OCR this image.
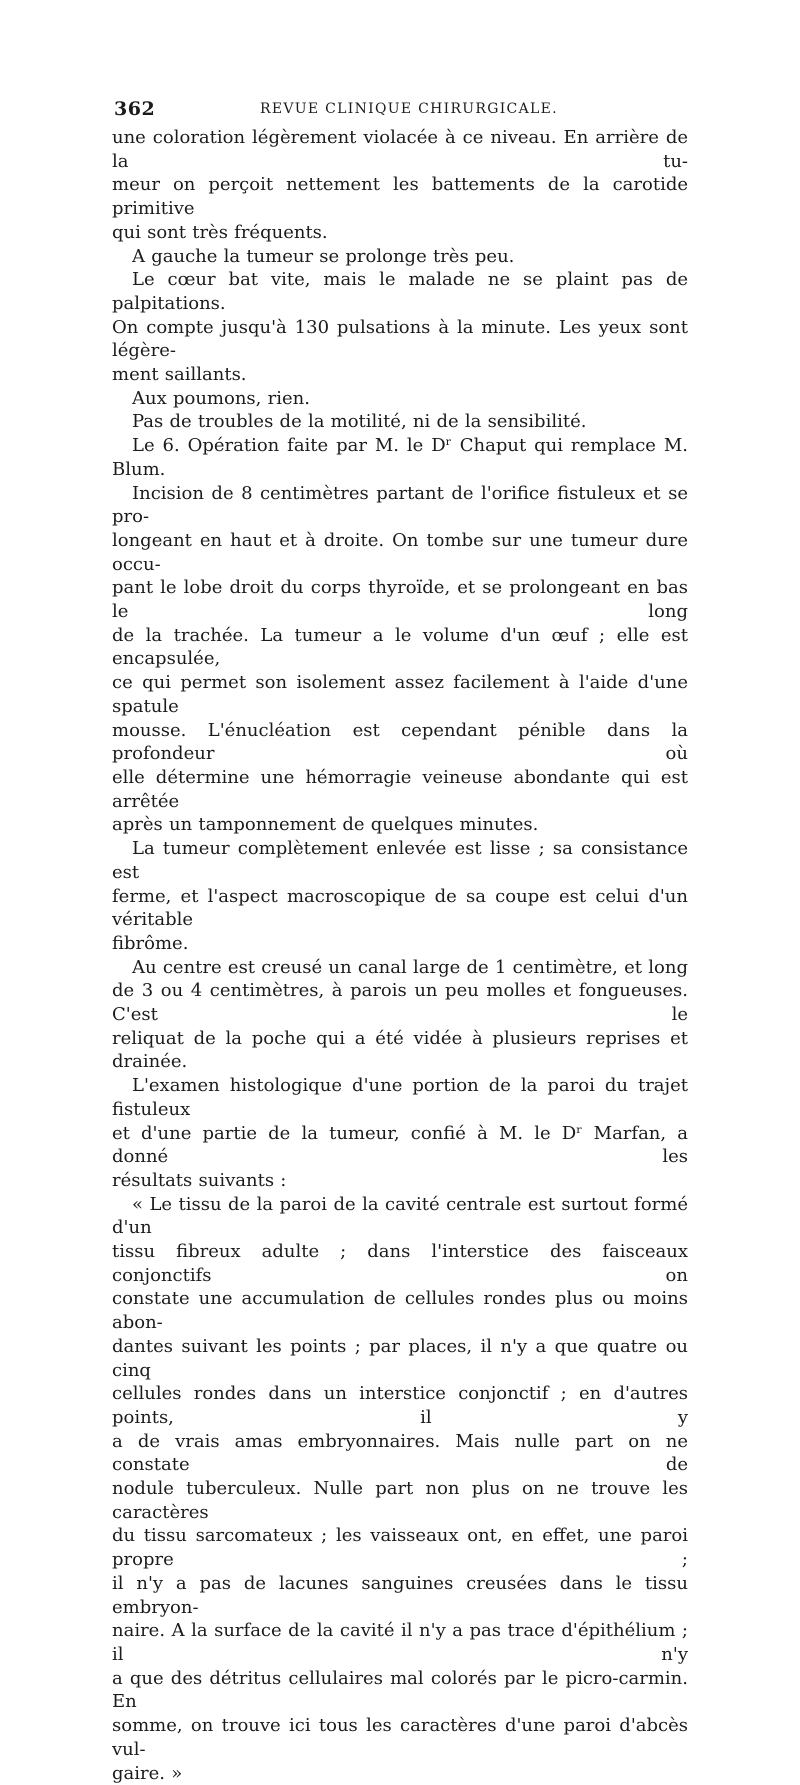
362	REVUE CLINIQUE CHIRURGICALE.

une coloration légèrement violacée à ce niveau. En arrière de la tu-

meur on perçoit nettement les battements de la carotide primitive

qui sont très fréquents.

A gauche la tumeur se prolonge très peu.

Le cœur bat vite, mais le malade ne se plaint pas de palpitations.

On compte jusqu'à 130 pulsations à la minute. Les yeux sont légère-

ment saillants.

Aux poumons, rien.

Pas de troubles de la motilité, ni de la sensibilité.

Le 6. Opération faite par M. le Dʳ Chaput qui remplace M. Blum.

Incision de 8 centimètres partant de l'orifice fistuleux et se pro-

longeant en haut et à droite. On tombe sur une tumeur dure occu-

pant le lobe droit du corps thyroïde, et se prolongeant en bas le long

de la trachée. La tumeur a le volume d'un œuf ; elle est encapsulée,

ce qui permet son isolement assez facilement à l'aide d'une spatule

mousse. L'énucléation est cependant pénible dans la profondeur où

elle détermine une hémorragie veineuse abondante qui est arrêtée

après un tamponnement de quelques minutes.

La tumeur complètement enlevée est lisse ; sa consistance est

ferme, et l'aspect macroscopique de sa coupe est celui d'un véritable

fibrôme.

Au centre est creusé un canal large de 1 centimètre, et long

de 3 ou 4 centimètres, à parois un peu molles et fongueuses. C'est le

reliquat de la poche qui a été vidée à plusieurs reprises et drainée.

L'examen histologique d'une portion de la paroi du trajet fistuleux

et d'une partie de la tumeur, confié à M. le Dʳ Marfan, a donné les

résultats suivants :

« Le tissu de la paroi de la cavité centrale est surtout formé d'un

tissu fibreux adulte ; dans l'interstice des faisceaux conjonctifs on

constate une accumulation de cellules rondes plus ou moins abon-

dantes suivant les points ; par places, il n'y a que quatre ou cinq

cellules rondes dans un interstice conjonctif ; en d'autres points, il y

a de vrais amas embryonnaires. Mais nulle part on ne constate de

nodule tuberculeux. Nulle part non plus on ne trouve les caractères

du tissu sarcomateux ; les vaisseaux ont, en effet, une paroi propre ;

il n'y a pas de lacunes sanguines creusées dans le tissu embryon-

naire. A la surface de la cavité il n'y a pas trace d'épithélium ; il n'y

a que des détritus cellulaires mal colorés par le picro-carmin. En

somme, on trouve ici tous les caractères d'une paroi d'abcès vul-

gaire. »
